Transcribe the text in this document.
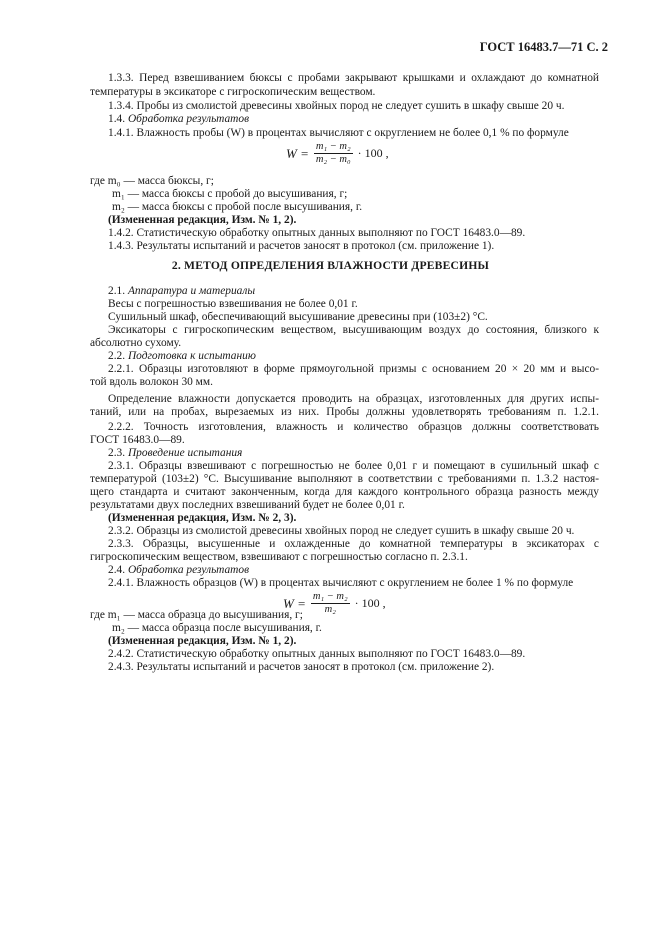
ГОСТ 16483.7—71 С. 2
1.3.3. Перед взвешиванием бюксы с пробами закрывают крышками и охлаждают до комнатной
температуры в эксикаторе с гигроскопическим веществом.
1.3.4. Пробы из смолистой древесины хвойных пород не следует сушить в шкафу свыше 20 ч.
1.4. Обработка результатов
1.4.1. Влажность пробы (W) в процентах вычисляют с округлением не более 0,1 % по формуле
$W = \frac{\text{m₁ − m₂}}{\text{m₂ − m₀}} \cdot 100$ ,
где m₀ — масса бюксы, г;
m₁ — масса бюксы с пробой до высушивания, г;
m₂ — масса бюксы с пробой после высушивания, г.
(Измененная редакция, Изм. № 1, 2).
1.4.2. Статистическую обработку опытных данных выполняют по ГОСТ 16483.0—89.
1.4.3. Результаты испытаний и расчетов заносят в протокол (см. приложение 1).
2. МЕТОД ОПРЕДЕЛЕНИЯ ВЛАЖНОСТИ ДРЕВЕСИНЫ
2.1. Аппаратура и материалы
Весы с погрешностью взвешивания не более 0,01 г.
Сушильный шкаф, обеспечивающий высушивание древесины при (103±2) °С.
Эксикаторы с гигроскопическим веществом, высушивающим воздух до состояния, близкого к
абсолютно сухому.
2.2. Подготовка к испытанию
2.2.1. Образцы изготовляют в форме прямоугольной призмы с основанием 20 × 20 мм и высо-
той вдоль волокон 30 мм.
Определение влажности допускается проводить на образцах, изготовленных для других испы-
таний, или на пробах, вырезаемых из них. Пробы должны удовлетворять требованиям п. 1.2.1.
2.2.2. Точность изготовления, влажность и количество образцов должны соответствовать
ГОСТ 16483.0—89.
2.3. Проведение испытания
2.3.1. Образцы взвешивают с погрешностью не более 0,01 г и помещают в сушильный шкаф с
температурой (103±2) °С. Высушивание выполняют в соответствии с требованиями п. 1.3.2 настоя-
щего стандарта и считают законченным, когда для каждого контрольного образца разность между
результатами двух последних взвешиваний будет не более 0,01 г.
(Измененная редакция, Изм. № 2, 3).
2.3.2. Образцы из смолистой древесины хвойных пород не следует сушить в шкафу свыше 20 ч.
2.3.3. Образцы, высушенные и охлажденные до комнатной температуры в эксикаторах с
гигроскопическим веществом, взвешивают с погрешностью согласно п. 2.3.1.
2.4. Обработка результатов
2.4.1. Влажность образцов (W) в процентах вычисляют с округлением не более 1 % по формуле
$W = \frac{\text{m₁ − m₂}}{\text{m₂}} \cdot 100$ ,
где m₁ — масса образца до высушивания, г;
m₂ — масса образца после высушивания, г.
(Измененная редакция, Изм. № 1, 2).
2.4.2. Статистическую обработку опытных данных выполняют по ГОСТ 16483.0—89.
2.4.3. Результаты испытаний и расчетов заносят в протокол (см. приложение 2).
